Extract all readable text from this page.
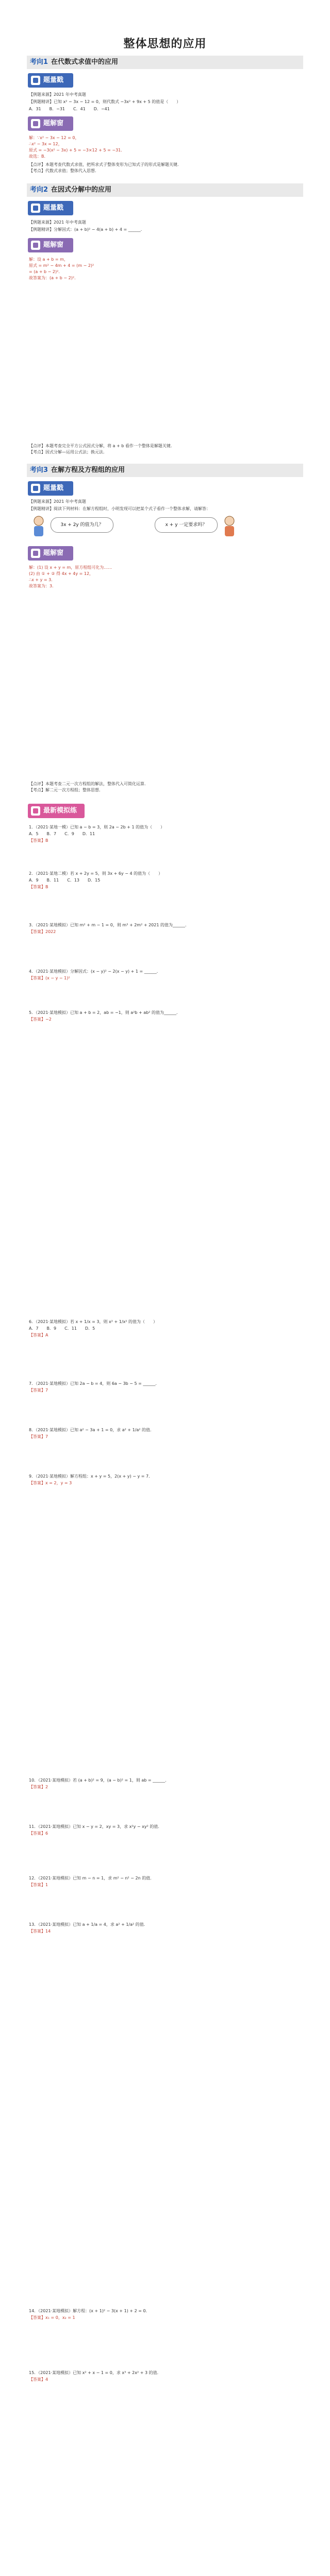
整体思想的应用
考向1 在代数式求值中的应用
题量戳
【例题来源】2021 年中考真题
【例题精讲】已知 x² − 3x − 12 = 0，则代数式 −3x² + 9x + 5 的值是（　　）
A．31　　B．−31　　C．41　　D．−41
题解窗
解：∵x² − 3x − 12 = 0，
∴x² − 3x = 12，
原式 = −3(x² − 3x) + 5 = −3×12 + 5 = −31．
故选：B．
【点评】本题考查代数式求值，把所求式子整体变形为已知式子的形式是解题关键．
【考点】代数式求值；整体代入思想．
考向2 在因式分解中的应用
题量戳
【例题来源】2021 年中考真题
【例题精讲】分解因式：(a + b)² − 4(a + b) + 4 = ______．
题解窗
解：设 a + b = m，
原式 = m² − 4m + 4 = (m − 2)²
= (a + b − 2)²．
故答案为：(a + b − 2)²．
【点评】本题考查完全平方公式因式分解，将 a + b 看作一个整体是解题关键．
【考点】因式分解—运用公式法；换元法．
考向3 在解方程及方程组的应用
题量戳
【例题来源】2021 年中考真题
【例题精讲】阅读下列材料：在解方程组时，小明发现可以把某个式子看作一个整体求解，请解答：
3x + 2y 的值为几？	x + y 一定要求吗？
题解窗
解：(1) 设 x + y = m，原方程组可化为……
(2) 由 ① + ② 得 4x + 4y = 12，
∴x + y = 3．
故答案为：3．
【点评】本题考查二元一次方程组的解法，整体代入可简化运算．
【考点】解二元一次方程组；整体思想．
最新模拟练
1．（2021·某地一模）已知 a − b = 3，则 2a − 2b + 1 的值为（　　）
A．5　　B．7　　C．9　　D．11
【答案】B
2．（2021·某地二模）若 x + 2y = 5，则 3x + 6y − 4 的值为（　　）
A．9　　B．11　　C．13　　D．15
【答案】B
3．（2021·某地模拟）已知 m² + m − 1 = 0，则 m³ + 2m² + 2021 的值为______．
【答案】2022
4．（2021·某地模拟）分解因式：(x − y)² − 2(x − y) + 1 = ______．
【答案】(x − y − 1)²
5．（2021·某地模拟）已知 a + b = 2，ab = −1，则 a²b + ab² 的值为______．
【答案】−2
6．（2021·某地模拟）若 x + 1/x = 3，则 x² + 1/x² 的值为（　　）
A．7　　B．9　　C．11　　D．5
【答案】A
7．（2021·某地模拟）已知 2a − b = 4，则 6a − 3b − 5 = ______．
【答案】7
8．（2021·某地模拟）已知 a² − 3a + 1 = 0，求 a² + 1/a² 的值．
【答案】7
9．（2021·某地模拟）解方程组：x + y = 5，2(x + y) − y = 7．
【答案】x = 2，y = 3
10．（2021·某地模拟）若 (a + b)² = 9，(a − b)² = 1，则 ab = ______．
【答案】2
11．（2021·某地模拟）已知 x − y = 2，xy = 3，求 x²y − xy² 的值．
【答案】6
12．（2021·某地模拟）已知 m − n = 1，求 m² − n² − 2n 的值．
【答案】1
13．（2021·某地模拟）已知 a + 1/a = 4，求 a² + 1/a² 的值．
【答案】14
14．（2021·某地模拟）解方程：(x + 1)² − 3(x + 1) + 2 = 0．
【答案】x₁ = 0，x₂ = 1
15．（2021·某地模拟）已知 x² + x − 1 = 0，求 x³ + 2x² + 3 的值．
【答案】4
